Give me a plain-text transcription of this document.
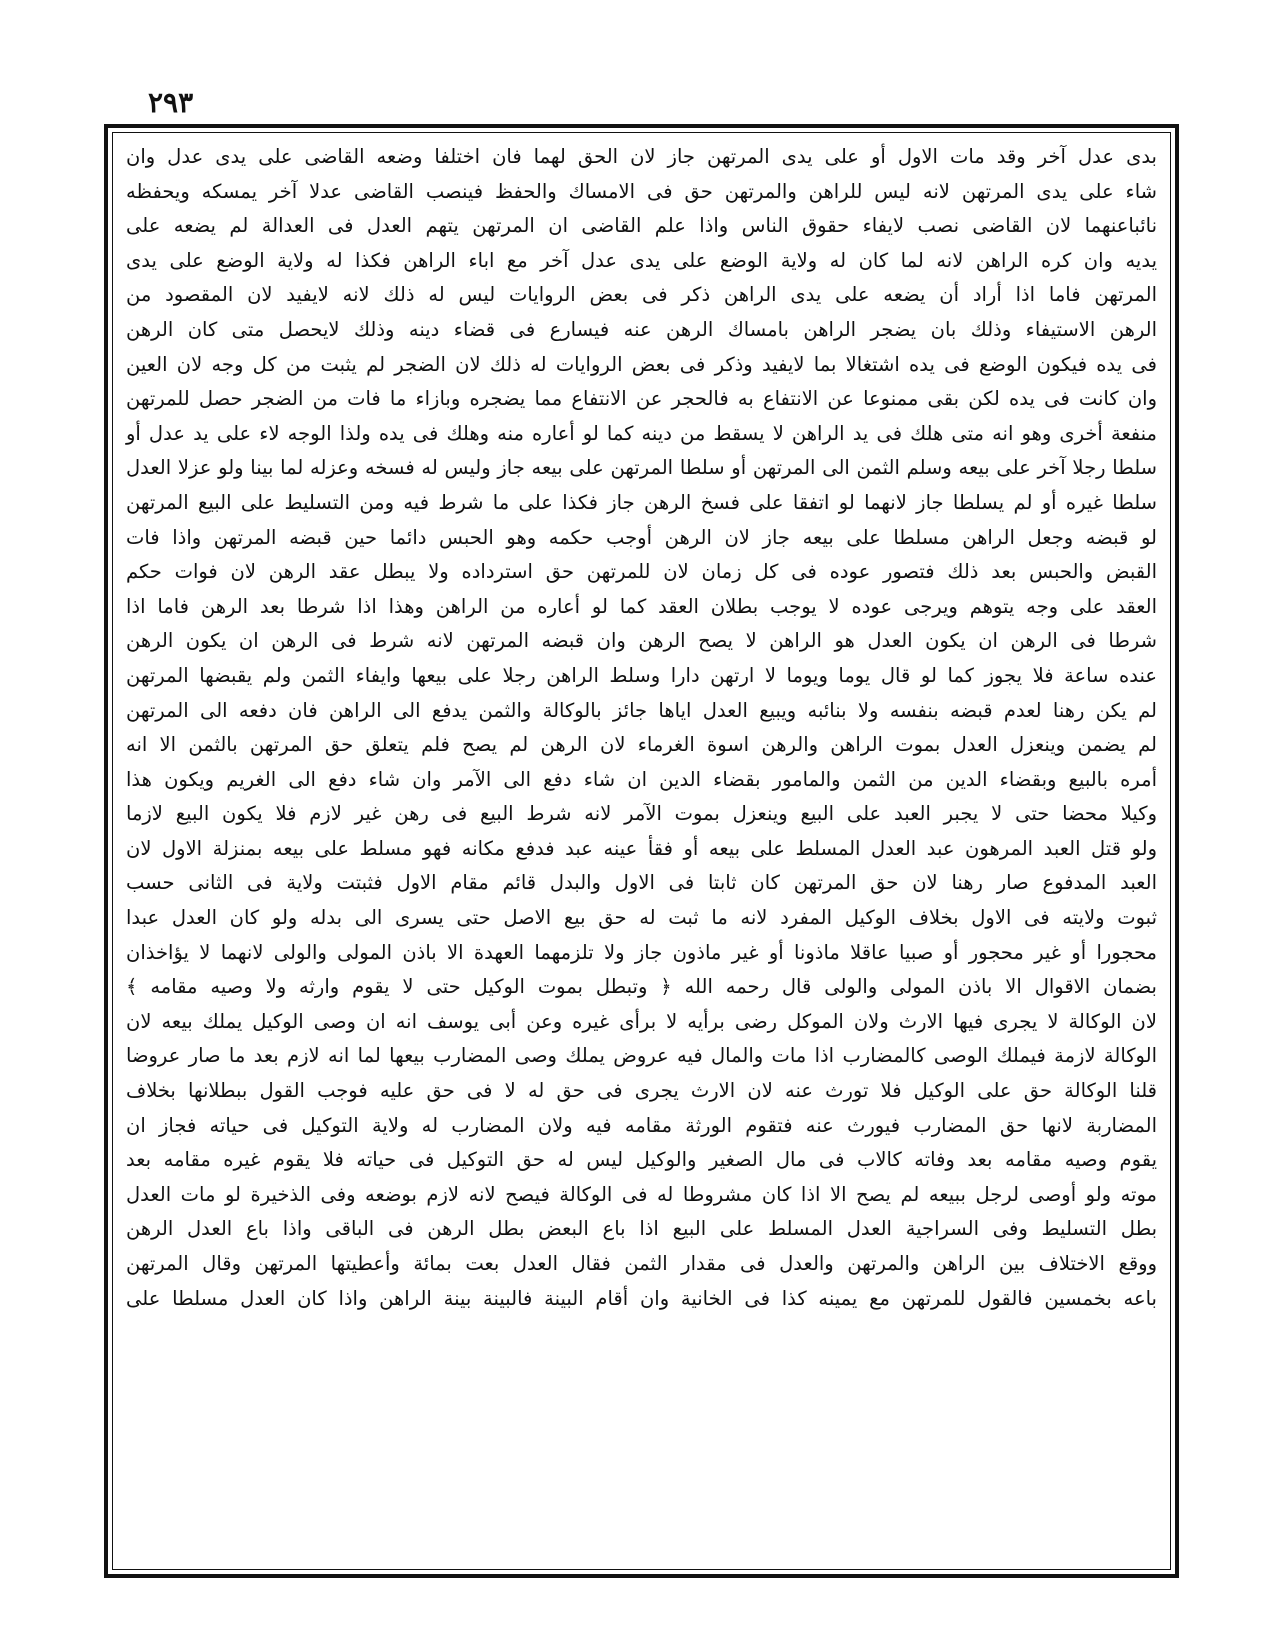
٢٩٣
بدى عدل آخر وقد مات الاول أو على يدى المرتهن جاز لان الحق لهما فان اختلفا وضعه القاضى على يدى عدل وان
شاء على يدى المرتهن لانه ليس للراهن والمرتهن حق فى الامساك والحفظ فينصب القاضى عدلا آخر يمسكه ويحفظه
نائباعنهما لان القاضى نصب لايفاء حقوق الناس واذا علم القاضى ان المرتهن يتهم العدل فى العدالة لم يضعه على
يديه وان كره الراهن لانه لما كان له ولاية الوضع على يدى عدل آخر مع اباء الراهن فكذا له ولاية الوضع على يدى
المرتهن فاما اذا أراد أن يضعه على يدى الراهن ذكر فى بعض الروايات ليس له ذلك لانه لايفيد لان المقصود من
الرهن الاستيفاء وذلك بان يضجر الراهن بامساك الرهن عنه فيسارع فى قضاء دينه وذلك لايحصل متى كان الرهن
فى يده فيكون الوضع فى يده اشتغالا بما لايفيد وذكر فى بعض الروايات له ذلك لان الضجر لم يثبت من كل وجه لان العين
وان كانت فى يده لكن بقى ممنوعا عن الانتفاع به فالحجر عن الانتفاع مما يضجره وبازاء ما فات من الضجر حصل للمرتهن
منفعة أخرى وهو انه متى هلك فى يد الراهن لا يسقط من دينه كما لو أعاره منه وهلك فى يده ولذا الوجه لاء على يد عدل أو
سلطا رجلا آخر على بيعه وسلم الثمن الى المرتهن أو سلطا المرتهن على بيعه جاز وليس له فسخه وعزله لما بينا ولو عزلا العدل
سلطا غيره أو لم يسلطا جاز لانهما لو اتفقا على فسخ الرهن جاز فكذا على ما شرط فيه ومن التسليط على البيع المرتهن
لو قبضه وجعل الراهن مسلطا على بيعه جاز لان الرهن أوجب حكمه وهو الحبس دائما حين قبضه المرتهن واذا فات
القبض والحبس بعد ذلك فتصور عوده فى كل زمان لان للمرتهن حق استرداده ولا يبطل عقد الرهن لان فوات حكم
العقد على وجه يتوهم ويرجى عوده لا يوجب بطلان العقد كما لو أعاره من الراهن وهذا اذا شرطا بعد الرهن فاما اذا
شرطا فى الرهن ان يكون العدل هو الراهن لا يصح الرهن وان قبضه المرتهن لانه شرط فى الرهن ان يكون الرهن
عنده ساعة فلا يجوز كما لو قال يوما ويوما لا ارتهن دارا وسلط الراهن رجلا على بيعها وايفاء الثمن ولم يقبضها المرتهن
لم يكن رهنا لعدم قبضه بنفسه ولا بنائبه ويبيع العدل اياها جائز بالوكالة والثمن يدفع الى الراهن فان دفعه الى المرتهن
لم يضمن وينعزل العدل بموت الراهن والرهن اسوة الغرماء لان الرهن لم يصح فلم يتعلق حق المرتهن بالثمن الا انه
أمره بالبيع وبقضاء الدين من الثمن والمامور بقضاء الدين ان شاء دفع الى الآمر وان شاء دفع الى الغريم ويكون هذا
وكيلا محضا حتى لا يجبر العبد على البيع وينعزل بموت الآمر لانه شرط البيع فى رهن غير لازم فلا يكون البيع لازما
ولو قتل العبد المرهون عبد العدل المسلط على بيعه أو فقأ عينه عبد فدفع مكانه فهو مسلط على بيعه بمنزلة الاول لان
العبد المدفوع صار رهنا لان حق المرتهن كان ثابتا فى الاول والبدل قائم مقام الاول فثبتت ولاية فى الثانى حسب
ثبوت ولايته فى الاول بخلاف الوكيل المفرد لانه ما ثبت له حق بيع الاصل حتى يسرى الى بدله ولو كان العدل عبدا
محجورا أو غير محجور أو صبيا عاقلا ماذونا أو غير ماذون جاز ولا تلزمهما العهدة الا باذن المولى والولى لانهما لا يؤاخذان
بضمان الاقوال الا باذن المولى والولى قال رحمه الله ﴿ وتبطل بموت الوكيل حتى لا يقوم وارثه ولا وصيه مقامه ﴾
لان الوكالة لا يجرى فيها الارث ولان الموكل رضى برأيه لا برأى غيره وعن أبى يوسف انه ان وصى الوكيل يملك بيعه لان
الوكالة لازمة فيملك الوصى كالمضارب اذا مات والمال فيه عروض يملك وصى المضارب بيعها لما انه لازم بعد ما صار عروضا
قلنا الوكالة حق على الوكيل فلا تورث عنه لان الارث يجرى فى حق له لا فى حق عليه فوجب القول ببطلانها بخلاف
المضاربة لانها حق المضارب فيورث عنه فتقوم الورثة مقامه فيه ولان المضارب له ولاية التوكيل فى حياته فجاز ان
يقوم وصيه مقامه بعد وفاته كالاب فى مال الصغير والوكيل ليس له حق التوكيل فى حياته فلا يقوم غيره مقامه بعد
موته ولو أوصى لرجل ببيعه لم يصح الا اذا كان مشروطا له فى الوكالة فيصح لانه لازم بوضعه وفى الذخيرة لو مات العدل
بطل التسليط وفى السراجية العدل المسلط على البيع اذا باع البعض بطل الرهن فى الباقى واذا باع العدل الرهن
ووقع الاختلاف بين الراهن والمرتهن والعدل فى مقدار الثمن فقال العدل بعت بمائة وأعطيتها المرتهن وقال المرتهن
باعه بخمسين فالقول للمرتهن مع يمينه كذا فى الخانية وان أقام البينة فالبينة بينة الراهن واذا كان العدل مسلطا على
